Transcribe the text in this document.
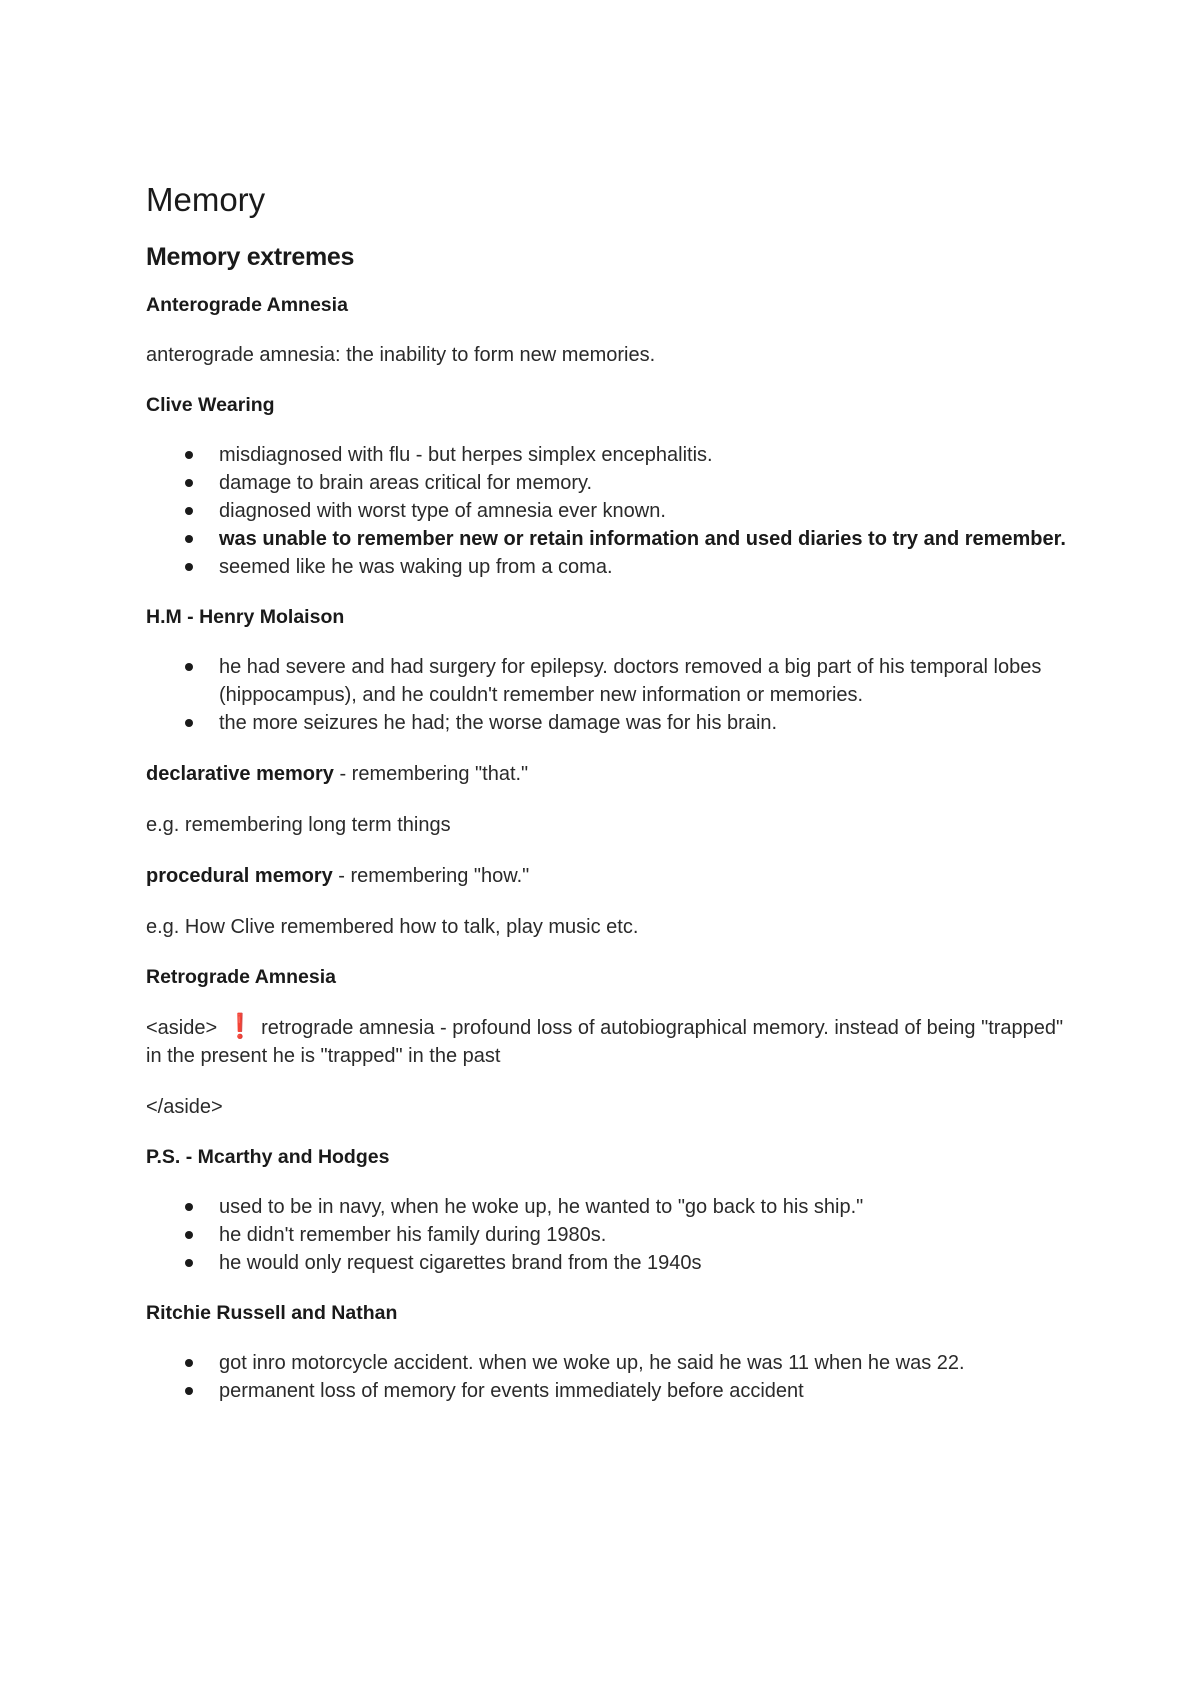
Memory
Memory extremes
Anterograde Amnesia

anterograde amnesia: the inability to form new memories.

Clive Wearing
misdiagnosed with flu - but herpes simplex encephalitis.
damage to brain areas critical for memory.
diagnosed with worst type of amnesia ever known.
was unable to remember new or retain information and used diaries to try and remember.
seemed like he was waking up from a coma.
H.M - Henry Molaison
he had severe and had surgery for epilepsy. doctors removed a big part of his temporal lobes (hippocampus), and he couldn't remember new information or memories.
the more seizures he had; the worse damage was for his brain.

declarative memory - remembering "that."

e.g. remembering long term things

procedural memory - remembering "how."

e.g. How Clive remembered how to talk, play music etc.

Retrograde Amnesia

<aside> ❗ retrograde amnesia - profound loss of autobiographical memory. instead of being "trapped" in the present he is "trapped" in the past

</aside>

P.S. - Mcarthy and Hodges
used to be in navy, when he woke up, he wanted to "go back to his ship."
he didn't remember his family during 1980s.
he would only request cigarettes brand from the 1940s
Ritchie Russell and Nathan
got inro motorcycle accident. when we woke up, he said he was 11 when he was 22.
permanent loss of memory for events immediately before accident
